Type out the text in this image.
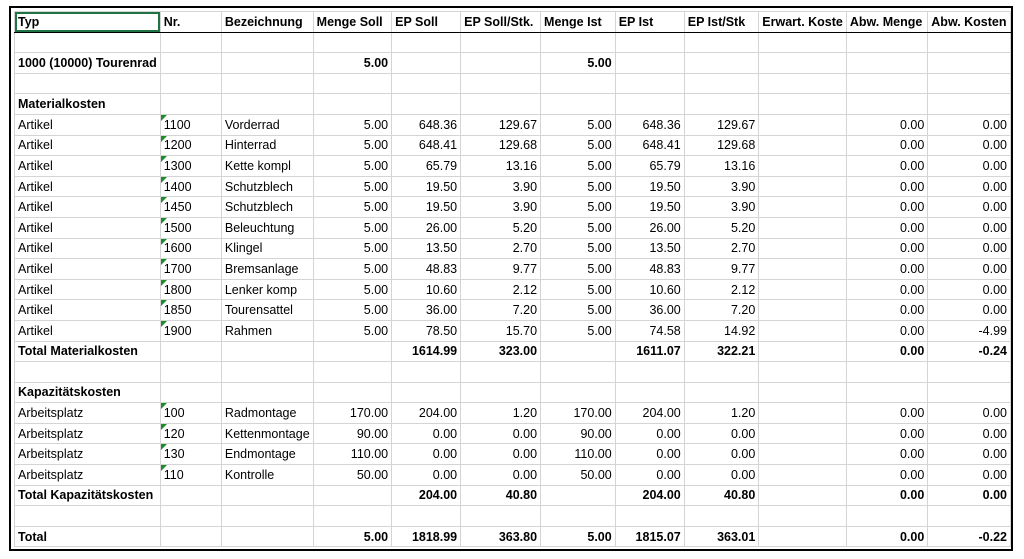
Typ	Nr.	Bezeichnung	Menge Soll	EP Soll	EP Soll/Stk.	Menge Ist	EP Ist	EP Ist/Stk	Erwart. Koste	Abw. Menge	Abw. Kosten

1000 (10000) Tourenrad			5.00			5.00					

Materialkosten											
Artikel	1100	Vorderrad	5.00	648.36	129.67	5.00	648.36	129.67		0.00	0.00
Artikel	1200	Hinterrad	5.00	648.41	129.68	5.00	648.41	129.68		0.00	0.00
Artikel	1300	Kette kompl	5.00	65.79	13.16	5.00	65.79	13.16		0.00	0.00
Artikel	1400	Schutzblech	5.00	19.50	3.90	5.00	19.50	3.90		0.00	0.00
Artikel	1450	Schutzblech	5.00	19.50	3.90	5.00	19.50	3.90		0.00	0.00
Artikel	1500	Beleuchtung	5.00	26.00	5.20	5.00	26.00	5.20		0.00	0.00
Artikel	1600	Klingel	5.00	13.50	2.70	5.00	13.50	2.70		0.00	0.00
Artikel	1700	Bremsanlage	5.00	48.83	9.77	5.00	48.83	9.77		0.00	0.00
Artikel	1800	Lenker komp	5.00	10.60	2.12	5.00	10.60	2.12		0.00	0.00
Artikel	1850	Tourensattel	5.00	36.00	7.20	5.00	36.00	7.20		0.00	0.00
Artikel	1900	Rahmen	5.00	78.50	15.70	5.00	74.58	14.92		0.00	-4.99
Total Materialkosten				1614.99	323.00		1611.07	322.21		0.00	-0.24

Kapazitätskosten											
Arbeitsplatz	100	Radmontage	170.00	204.00	1.20	170.00	204.00	1.20		0.00	0.00
Arbeitsplatz	120	Kettenmontage	90.00	0.00	0.00	90.00	0.00	0.00		0.00	0.00
Arbeitsplatz	130	Endmontage	110.00	0.00	0.00	110.00	0.00	0.00		0.00	0.00
Arbeitsplatz	110	Kontrolle	50.00	0.00	0.00	50.00	0.00	0.00		0.00	0.00
Total Kapazitätskosten				204.00	40.80		204.00	40.80		0.00	0.00

Total			5.00	1818.99	363.80	5.00	1815.07	363.01		0.00	-0.22
